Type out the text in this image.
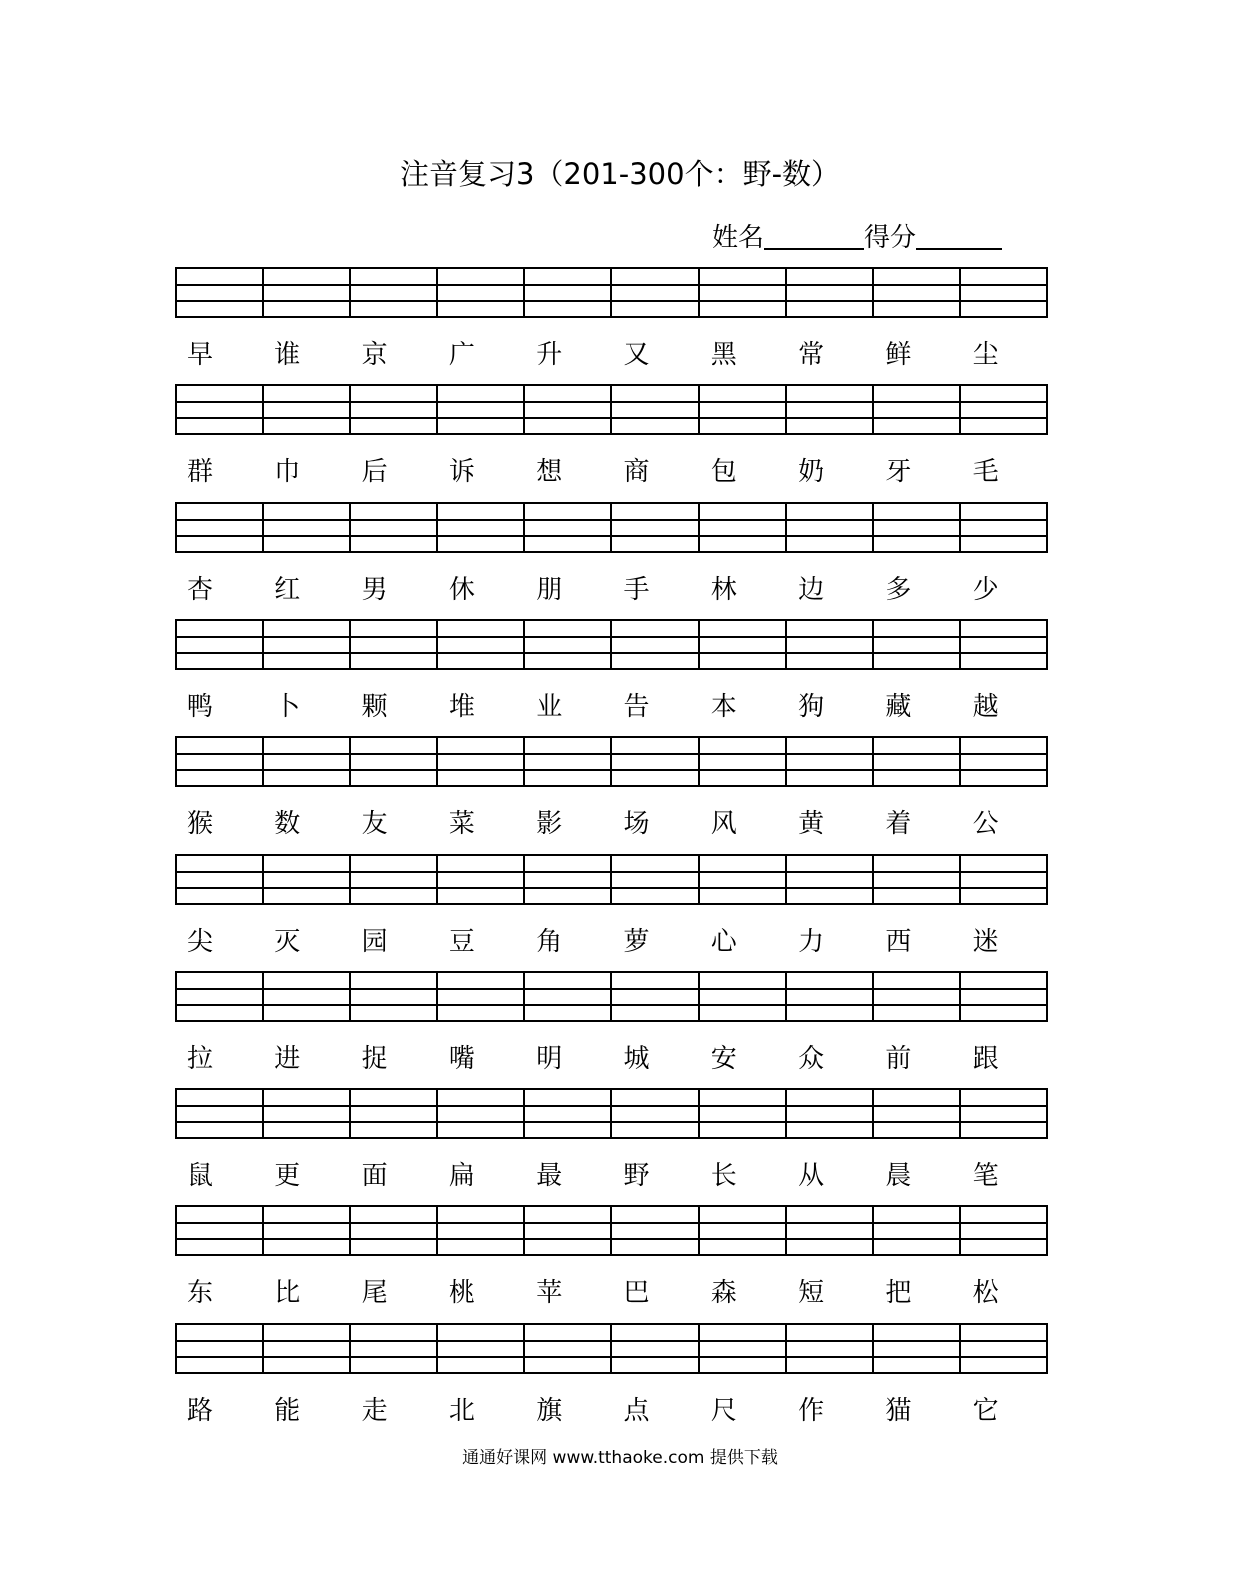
注音复习3（201-300个：野-数）
姓名	得分
早	谁	京	广	升	又	黑	常	鲜	尘
群	巾	后	诉	想	商	包	奶	牙	毛
杏	红	男	休	朋	手	林	边	多	少
鸭	卜	颗	堆	业	告	本	狗	藏	越
猴	数	友	菜	影	场	风	黄	着	公
尖	灭	园	豆	角	萝	心	力	西	迷
拉	进	捉	嘴	明	城	安	众	前	跟
鼠	更	面	扁	最	野	长	从	晨	笔
东	比	尾	桃	苹	巴	森	短	把	松
路	能	走	北	旗	点	尺	作	猫	它
通通好课网 www.tthaoke.com 提供下载
